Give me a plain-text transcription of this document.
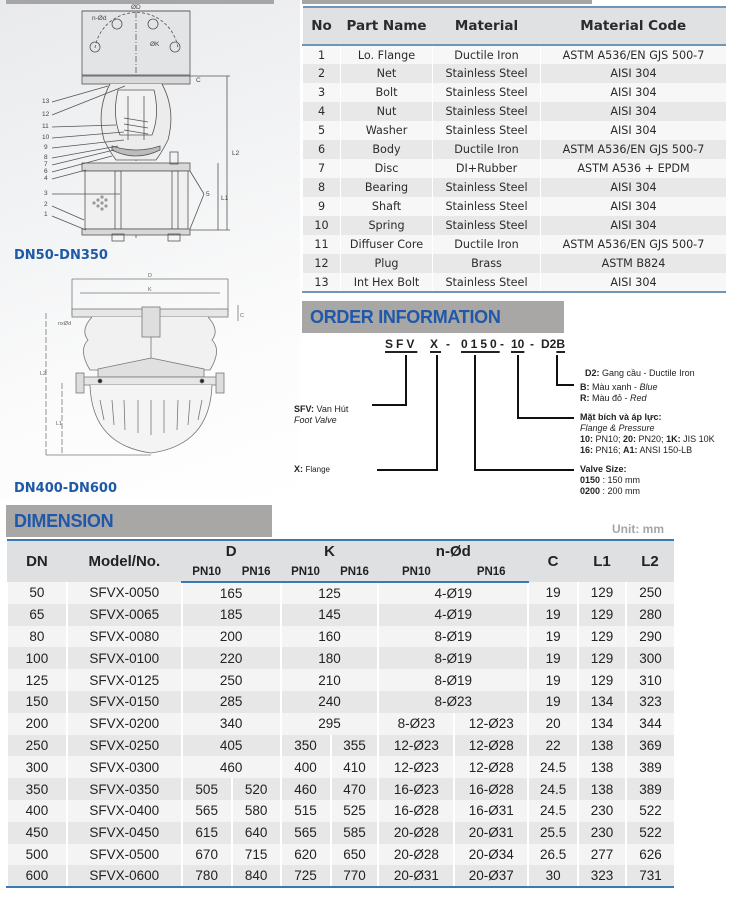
ØD
n-Ød
ØK
C
L1
L2
13
12
11
10
9
8
7
6
4
3
2
1
5
DN50-DN350
D
K
nxØd
C
L1
L2
DN400-DN600
No	Part Name	Material	Material Code
1	Lo. Flange	Ductile Iron	ASTM A536/EN GJS 500-7
2	Net	Stainless Steel	AISI 304
3	Bolt	Stainless Steel	AISI 304
4	Nut	Stainless Steel	AISI 304
5	Washer	Stainless Steel	AISI 304
6	Body	Ductile Iron	ASTM A536/EN GJS 500-7
7	Disc	DI+Rubber	ASTM A536 + EPDM
8	Bearing	Stainless Steel	AISI 304
9	Shaft	Stainless Steel	AISI 304
10	Spring	Stainless Steel	AISI 304
11	Diffuser Core	Ductile Iron	ASTM A536/EN GJS 500-7
12	Plug	Brass	ASTM B824
13	Int Hex Bolt	Stainless Steel	AISI 304
ORDER INFORMATION
SFV X - 0150 - 10 - D2B
SFV: Van Hút
Foot Valve
X: Flange
D2: Gang cầu - Ductile Iron
B: Màu xanh - Blue
R: Màu đỏ - Red
Mặt bích và áp lực:
Flange & Pressure
10: PN10; 20: PN20; 1K: JIS 10K
16: PN16; A1: ANSI 150-LB
Valve Size:
0150 : 150 mm
0200 : 200 mm
DIMENSION	Unit: mm
DN	Model/No.	D		K		n-Ød		C	L1	L2
		PN10	PN16	PN10	PN16	PN10	PN16			
50	SFVX-0050	165		125		4-Ø19		19	129	250
65	SFVX-0065	185		145		4-Ø19		19	129	280
80	SFVX-0080	200		160		8-Ø19		19	129	290
100	SFVX-0100	220		180		8-Ø19		19	129	300
125	SFVX-0125	250		210		8-Ø19		19	129	310
150	SFVX-0150	285		240		8-Ø23		19	134	323
200	SFVX-0200	340		295		8-Ø23	12-Ø23	20	134	344
250	SFVX-0250	405		350	355	12-Ø23	12-Ø28	22	138	369
300	SFVX-0300	460		400	410	12-Ø23	12-Ø28	24.5	138	389
350	SFVX-0350	505	520	460	470	16-Ø23	16-Ø28	24.5	138	389
400	SFVX-0400	565	580	515	525	16-Ø28	16-Ø31	24.5	230	522
450	SFVX-0450	615	640	565	585	20-Ø28	20-Ø31	25.5	230	522
500	SFVX-0500	670	715	620	650	20-Ø28	20-Ø34	26.5	277	626
600	SFVX-0600	780	840	725	770	20-Ø31	20-Ø37	30	323	731
